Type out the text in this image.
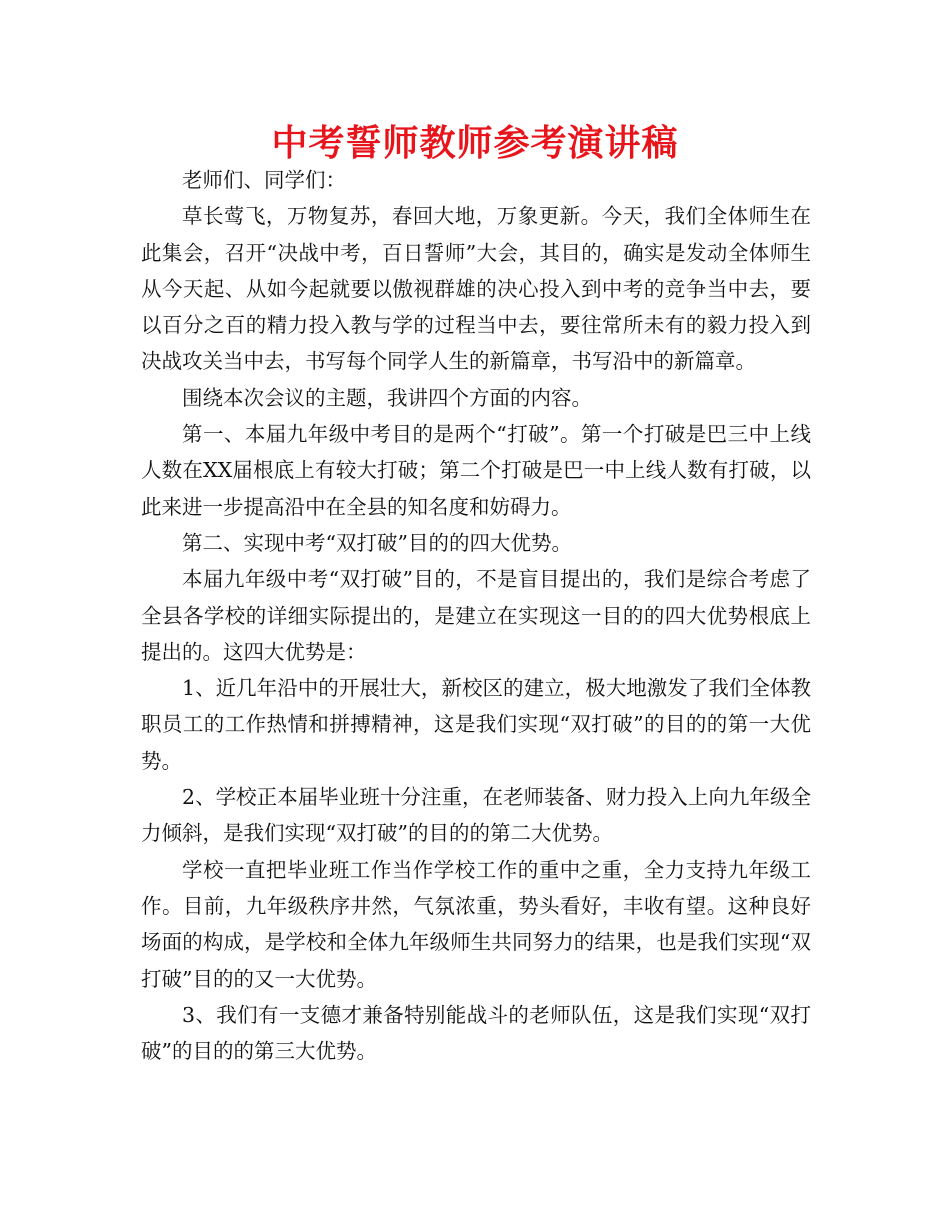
中考誓师教师参考演讲稿

老师们、同学们：

草长莺飞，万物复苏，春回大地，万象更新。今天，我们全体师生在此集会，召开“决战中考，百日誓师”大会，其目的，确实是发动全体师生从今天起、从如今起就要以傲视群雄的决心投入到中考的竞争当中去，要以百分之百的精力投入教与学的过程当中去，要往常所未有的毅力投入到决战攻关当中去，书写每个同学人生的新篇章，书写沿中的新篇章。

围绕本次会议的主题，我讲四个方面的内容。

第一、本届九年级中考目的是两个“打破”。第一个打破是巴三中上线人数在XX届根底上有较大打破；第二个打破是巴一中上线人数有打破，以此来进一步提高沿中在全县的知名度和妨碍力。

第二、实现中考“双打破”目的的四大优势。

本届九年级中考“双打破”目的，不是盲目提出的，我们是综合考虑了全县各学校的详细实际提出的，是建立在实现这一目的的四大优势根底上提出的。这四大优势是：

1、近几年沿中的开展壮大，新校区的建立，极大地激发了我们全体教职员工的工作热情和拼搏精神，这是我们实现“双打破”的目的的第一大优势。

2、学校正本届毕业班十分注重，在老师装备、财力投入上向九年级全力倾斜，是我们实现“双打破”的目的的第二大优势。

学校一直把毕业班工作当作学校工作的重中之重，全力支持九年级工作。目前，九年级秩序井然，气氛浓重，势头看好，丰收有望。这种良好场面的构成，是学校和全体九年级师生共同努力的结果，也是我们实现“双打破”目的的又一大优势。

3、我们有一支德才兼备特别能战斗的老师队伍，这是我们实现“双打破”的目的的第三大优势。
